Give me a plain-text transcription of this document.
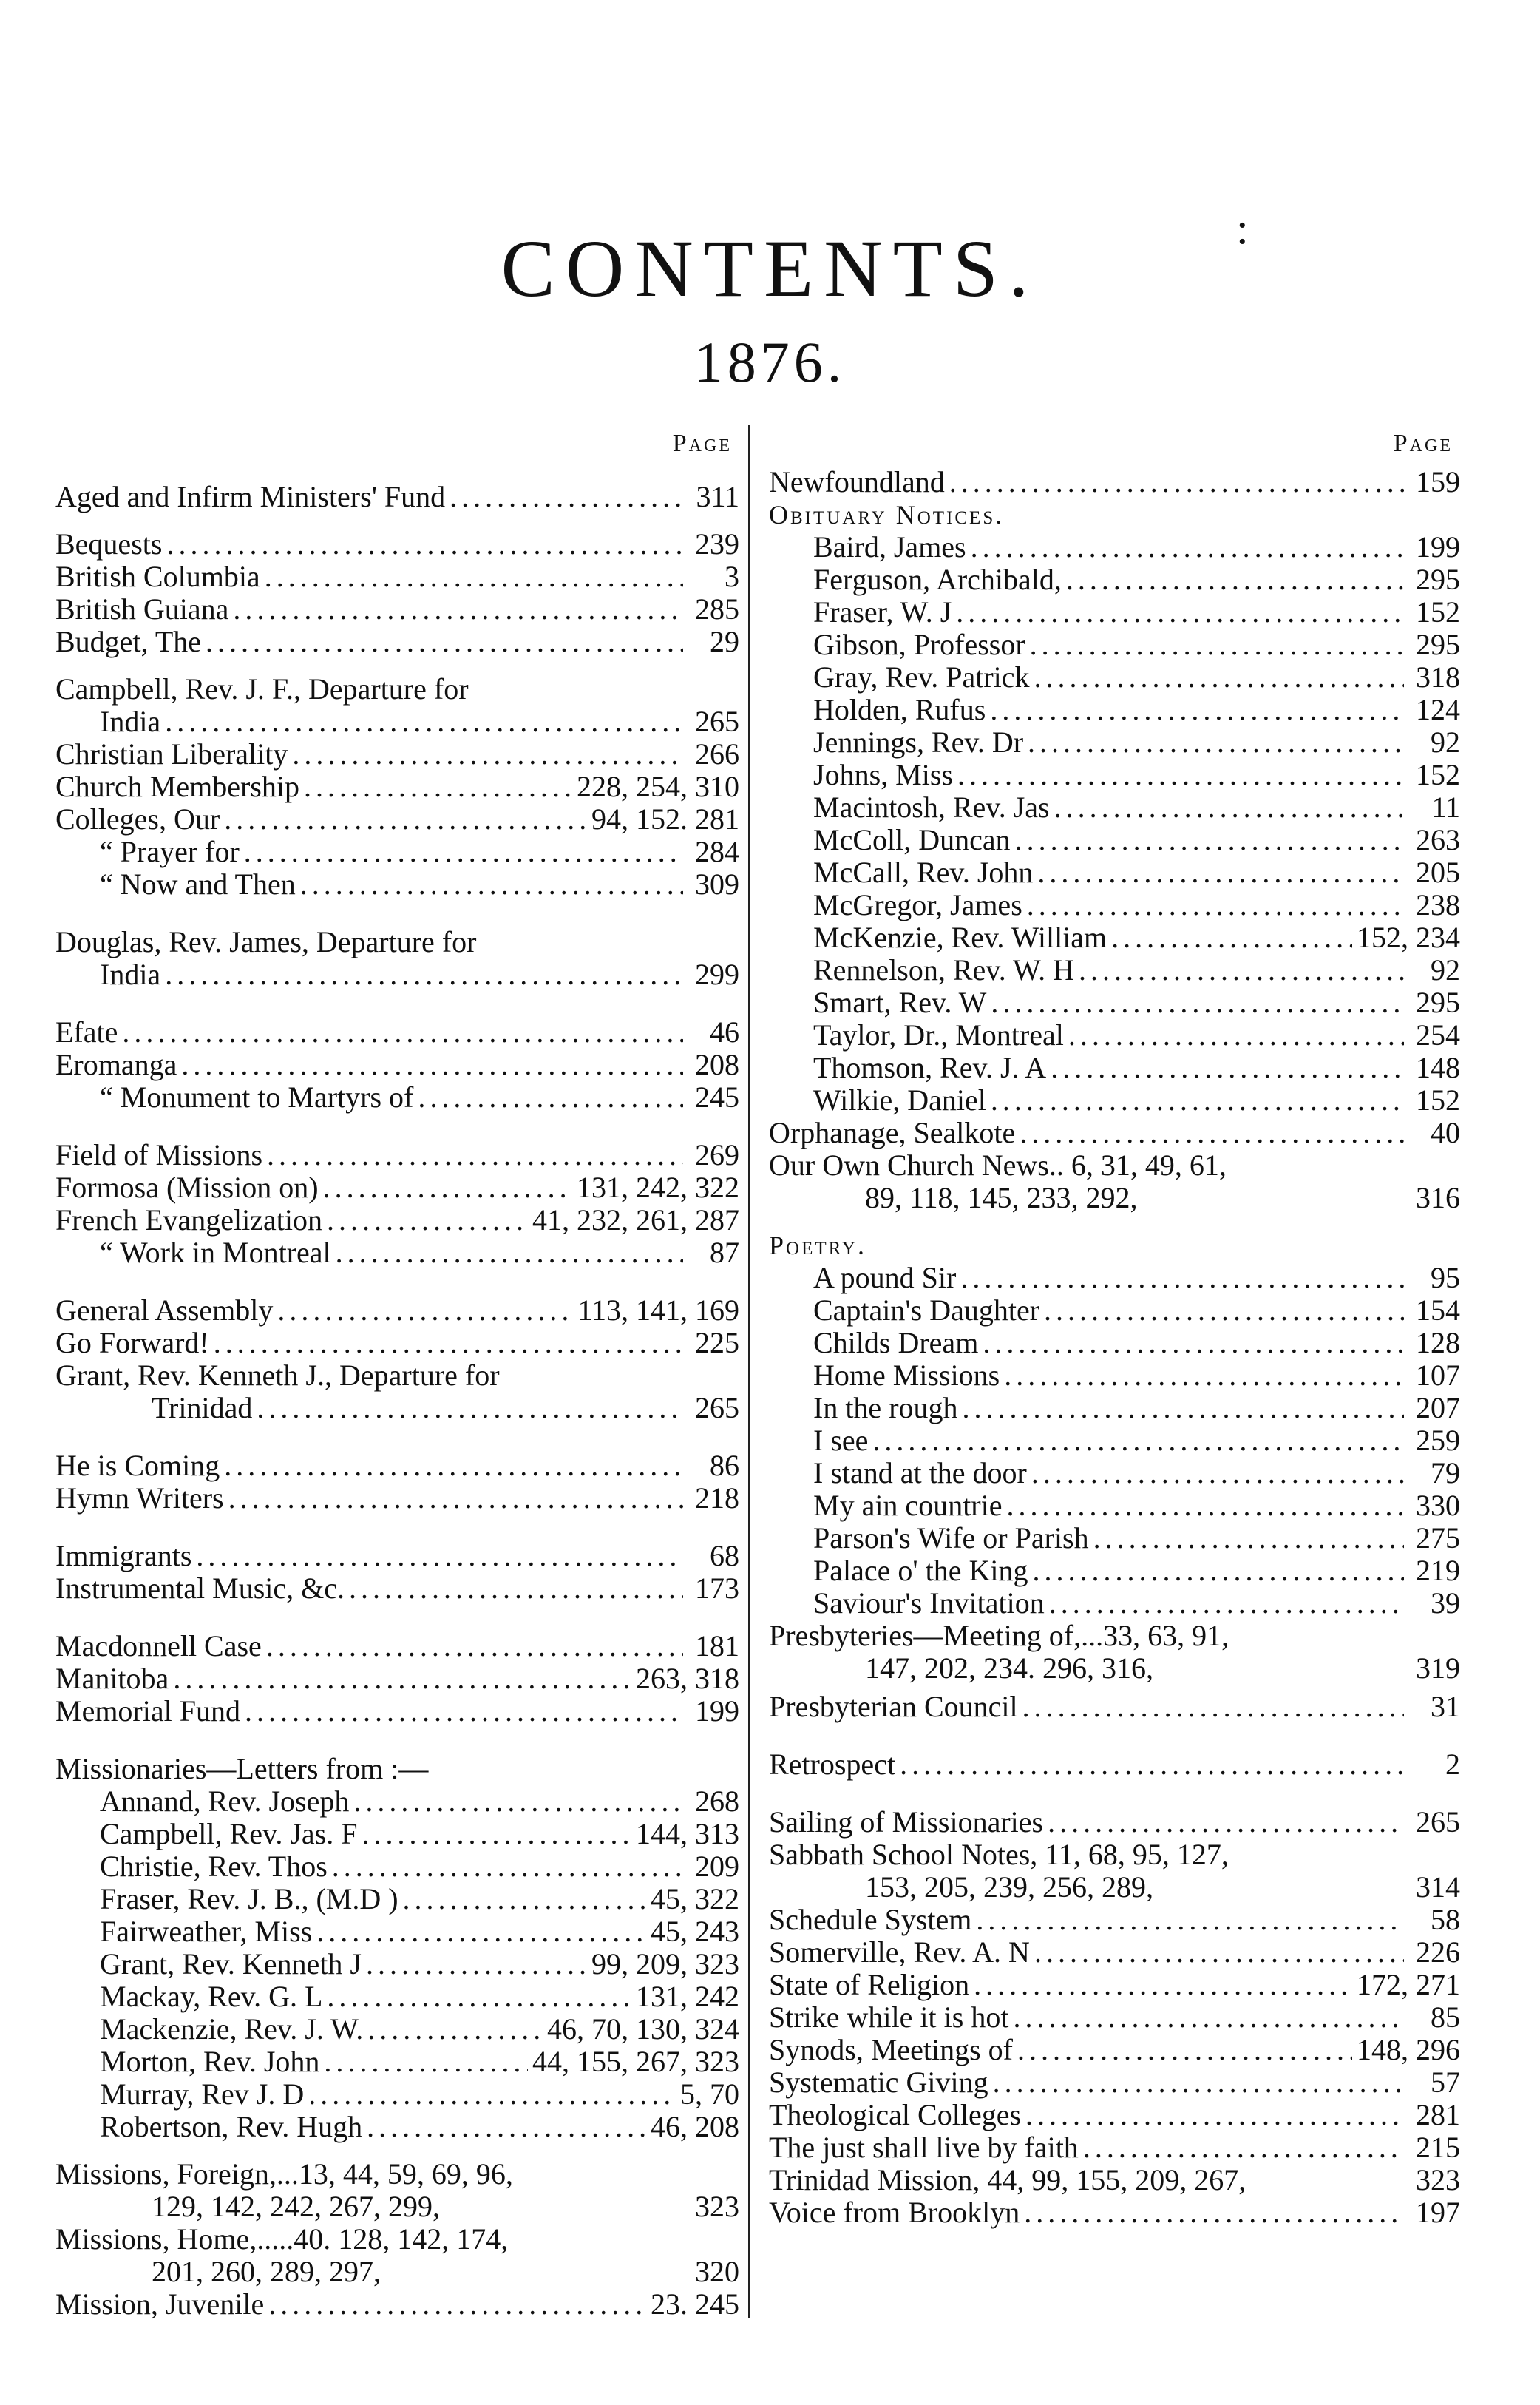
:
CONTENTS.
1876.
Page
Aged and Infirm Ministers' Fund .....	311
Bequests .....	239
British Columbia .....	3
British Guiana .....	285
Budget, The .....	29
Campbell, Rev. J. F., Departure for
India .....	265
Christian Liberality .....	266
Church Membership .....	228, 254, 310
Colleges, Our .....	94, 152. 281
“ Prayer for .....	284
“ Now and Then .....	309
Douglas, Rev. James, Departure for
India .....	299
Efate .....	46
Eromanga .....	208
“ Monument to Martyrs of .....	245
Field of Missions .....	269
Formosa (Mission on) .....	131, 242, 322
French Evangelization .....	41, 232, 261, 287
“ Work in Montreal .....	87
General Assembly .....	113, 141, 169
Go Forward! .....	225
Grant, Rev. Kenneth J., Departure for
Trinidad .....	265
He is Coming .....	86
Hymn Writers .....	218
Immigrants .....	68
Instrumental Music, &c. .....	173
Macdonnell Case .....	181
Manitoba .....	263, 318
Memorial Fund .....	199
Missionaries—Letters from :—
Annand, Rev. Joseph .....	268
Campbell, Rev. Jas. F .....	144, 313
Christie, Rev. Thos .....	209
Fraser, Rev. J. B., (M.D ) .....	45, 322
Fairweather, Miss .....	45, 243
Grant, Rev. Kenneth J .....	99, 209, 323
Mackay, Rev. G. L .....	131, 242
Mackenzie, Rev. J. W. .....	46, 70, 130, 324
Morton, Rev. John .....	44, 155, 267, 323
Murray, Rev J. D .....	5, 70
Robertson, Rev. Hugh .....	46, 208
Missions, Foreign,...13, 44, 59, 69, 96,
129, 142, 242, 267, 299,	323
Missions, Home,.....40. 128, 142, 174,
201, 260, 289, 297,	320
Mission, Juvenile .....	23. 245
Page
Newfoundland .....	159
Obituary Notices.
Baird, James .....	199
Ferguson, Archibald, .....	295
Fraser, W. J .....	152
Gibson, Professor .....	295
Gray, Rev. Patrick .....	318
Holden, Rufus .....	124
Jennings, Rev. Dr .....	92
Johns, Miss .....	152
Macintosh, Rev. Jas .....	11
McColl, Duncan .....	263
McCall, Rev. John .....	205
McGregor, James .....	238
McKenzie, Rev. William .....	152, 234
Rennelson, Rev. W. H .....	92
Smart, Rev. W .....	295
Taylor, Dr., Montreal .....	254
Thomson, Rev. J. A .....	148
Wilkie, Daniel .....	152
Orphanage, Sealkote .....	40
Our Own Church News.. 6, 31, 49, 61,
89, 118, 145, 233, 292,	316
Poetry.
A pound Sir .....	95
Captain's Daughter .....	154
Childs Dream .....	128
Home Missions .....	107
In the rough .....	207
I see .....	259
I stand at the door .....	79
My ain countrie .....	330
Parson's Wife or Parish .....	275
Palace o' the King .....	219
Saviour's Invitation .....	39
Presbyteries—Meeting of,...33, 63, 91,
147, 202, 234. 296, 316,	319
Presbyterian Council .....	31
Retrospect .....	2
Sailing of Missionaries .....	265
Sabbath School Notes, 11, 68, 95, 127,
153, 205, 239, 256, 289,	314
Schedule System .....	58
Somerville, Rev. A. N .....	226
State of Religion .....	172, 271
Strike while it is hot .....	85
Synods, Meetings of .....	148, 296
Systematic Giving .....	57
Theological Colleges .....	281
The just shall live by faith .....	215
Trinidad Mission, 44, 99, 155, 209, 267,	323
Voice from Brooklyn .....	197
